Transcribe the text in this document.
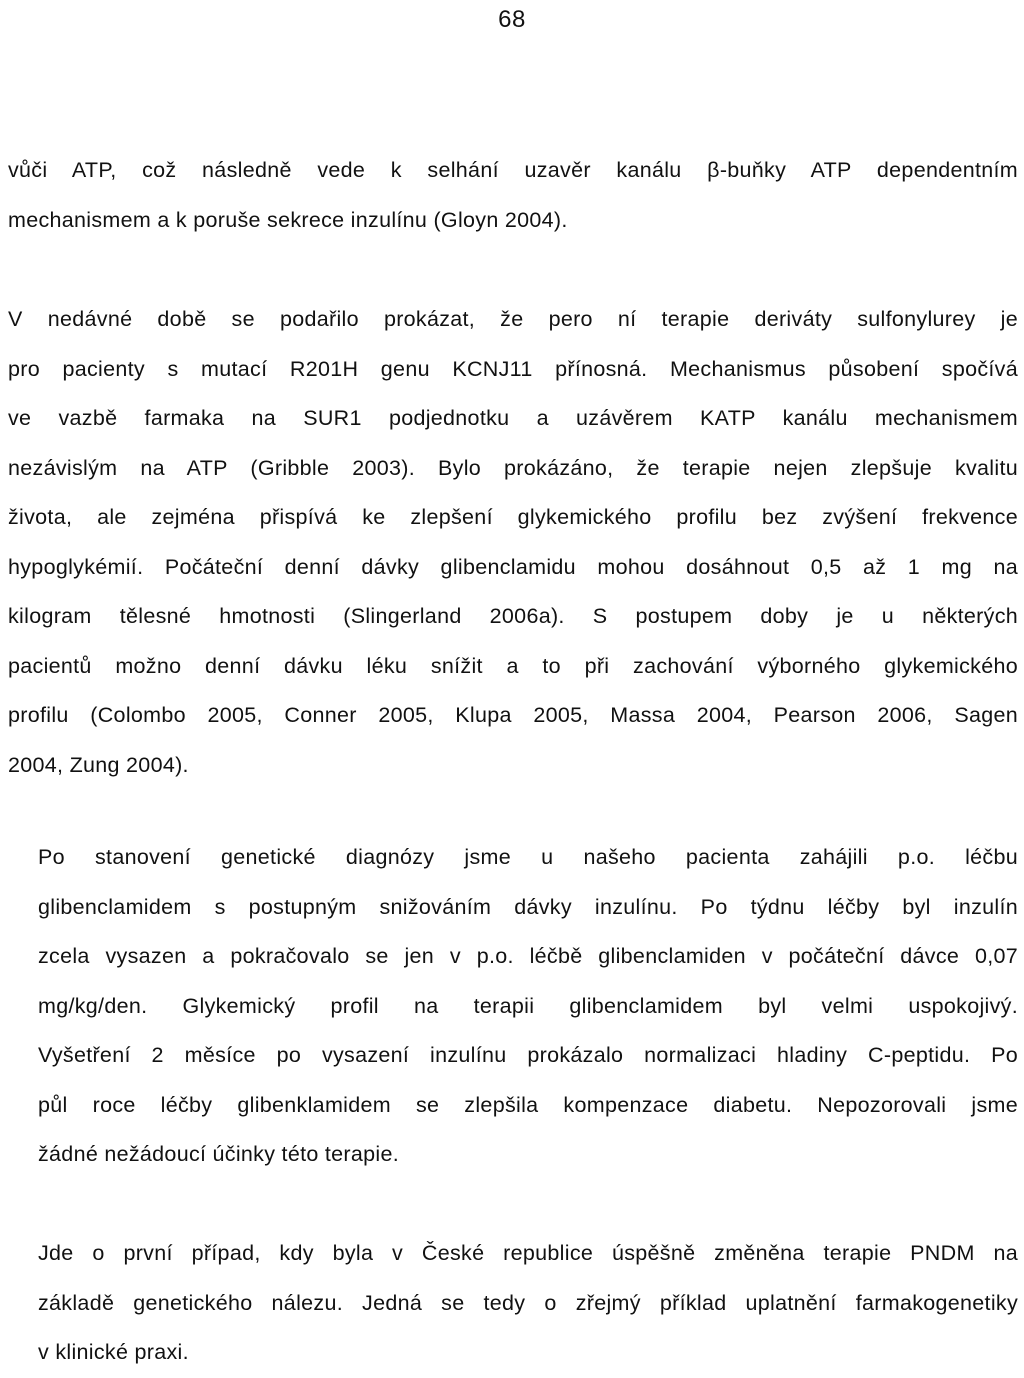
68

vůči ATP, což následně vede k selhání uzavěr kanálu β-buňky ATP dependentním
mechanismem a k poruše sekrece inzulínu (Gloyn 2004).

V nedávné době se podařilo prokázat, že pero ní terapie deriváty sulfonylurey je
pro pacienty s mutací R201H genu KCNJ11 přínosná. Mechanismus působení spočívá
ve vazbě farmaka na SUR1 podjednotku a uzávěrem KATP kanálu mechanismem
nezávislým na ATP (Gribble 2003). Bylo prokázáno, že terapie nejen zlepšuje kvalitu
života, ale zejména přispívá ke zlepšení glykemického profilu bez zvýšení frekvence
hypoglykémií. Počáteční denní dávky glibenclamidu mohou dosáhnout 0,5 až 1 mg na
kilogram tělesné hmotnosti (Slingerland 2006a). S postupem doby je u některých
pacientů možno denní dávku léku snížit a to při zachování výborného glykemického
profilu (Colombo 2005, Conner 2005, Klupa 2005, Massa 2004, Pearson 2006, Sagen
2004, Zung 2004).

Po stanovení genetické diagnózy jsme u našeho pacienta zahájili p.o. léčbu
glibenclamidem s postupným snižováním dávky inzulínu. Po týdnu léčby byl inzulín
zcela vysazen a pokračovalo se jen v p.o. léčbě glibenclamiden v počáteční dávce 0,07
mg/kg/den. Glykemický profil na terapii glibenclamidem byl velmi uspokojivý.
Vyšetření 2 měsíce po vysazení inzulínu prokázalo normalizaci hladiny C-peptidu. Po
půl roce léčby glibenklamidem se zlepšila kompenzace diabetu. Nepozorovali jsme
žádné nežádoucí účinky této terapie.

Jde o první případ, kdy byla v České republice úspěšně změněna terapie PNDM na
základě genetického nálezu. Jedná se tedy o zřejmý příklad uplatnění farmakogenetiky
v klinické praxi.
